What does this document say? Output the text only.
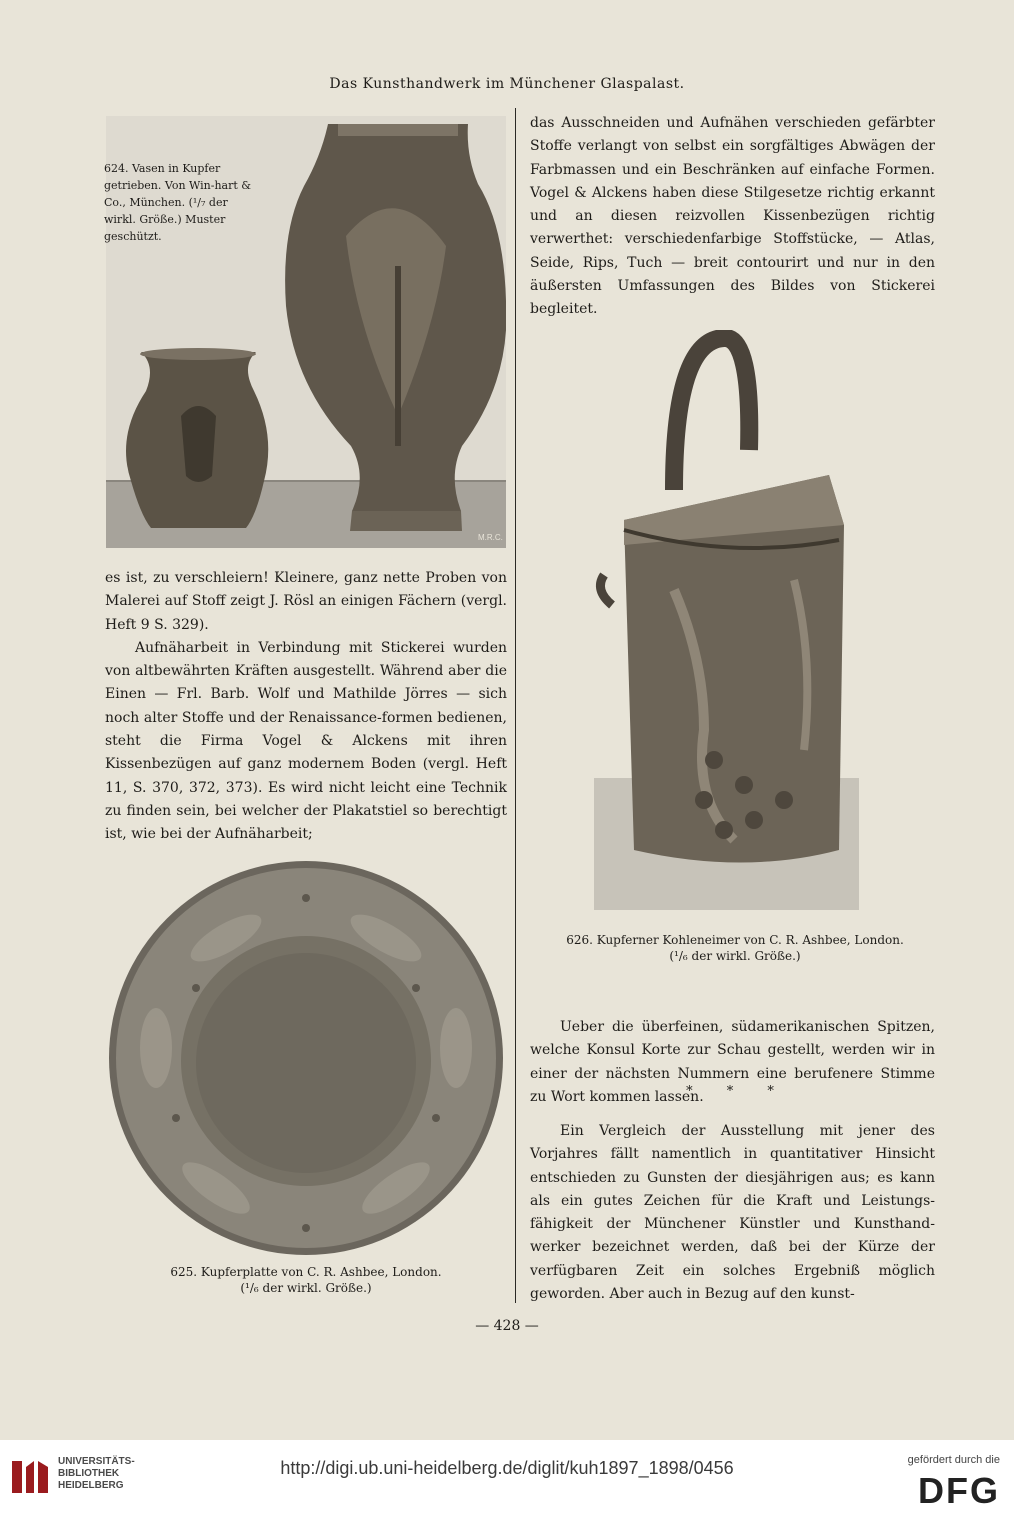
Das Kunsthandwerk im Münchener Glaspalast.
M.R.C.
624. Vasen in Kupfer getrieben. Von Win-hart & Co., München. (¹/₇ der wirkl. Größe.) Muster geschützt.

es ist, zu verschleiern! Kleinere, ganz nette Proben von Malerei auf Stoff zeigt J. Rösl an einigen Fächern (vergl. Heft 9 S. 329).

Aufnäharbeit in Verbindung mit Stickerei wurden von altbewährten Kräften ausgestellt. Während aber die Einen — Frl. Barb. Wolf und Mathilde Jörres — sich noch alter Stoffe und der Renaissance-formen bedienen, steht die Firma Vogel & Alckens mit ihren Kissenbezügen auf ganz modernem Boden (vergl. Heft 11, S. 370, 372, 373). Es wird nicht leicht eine Technik zu finden sein, bei welcher der Plakatstiel so berechtigt ist, wie bei der Aufnäharbeit;

625. Kupferplatte von C. R. Ashbee, London.
(¹/₆ der wirkl. Größe.)

das Ausschneiden und Aufnähen verschieden gefärbter Stoffe verlangt von selbst ein sorgfältiges Abwägen der Farbmassen und ein Beschränken auf einfache Formen. Vogel & Alckens haben diese Stilgesetze richtig erkannt und an diesen reizvollen Kissenbezügen richtig verwerthet: verschiedenfarbige Stoffstücke, — Atlas, Seide, Rips, Tuch — breit contourirt und nur in den äußersten Umfassungen des Bildes von Stickerei begleitet.

626. Kupferner Kohleneimer von C. R. Ashbee, London.
(¹/₆ der wirkl. Größe.)

Ueber die überfeinen, südamerikanischen Spitzen, welche Konsul Korte zur Schau gestellt, werden wir in einer der nächsten Nummern eine berufenere Stimme zu Wort kommen lassen.

* * *

Ein Vergleich der Ausstellung mit jener des Vorjahres fällt namentlich in quantitativer Hinsicht entschieden zu Gunsten der diesjährigen aus; es kann als ein gutes Zeichen für die Kraft und Leistungs-fähigkeit der Münchener Künstler und Kunsthand-werker bezeichnet werden, daß bei der Kürze der verfügbaren Zeit ein solches Ergebniß möglich geworden. Aber auch in Bezug auf den kunst-

— 428 —
UNIVERSITÄTS-
BIBLIOTHEK
HEIDELBERG
http://digi.ub.uni-heidelberg.de/diglit/kuh1897_1898/0456	gefördert durch die
DFG
